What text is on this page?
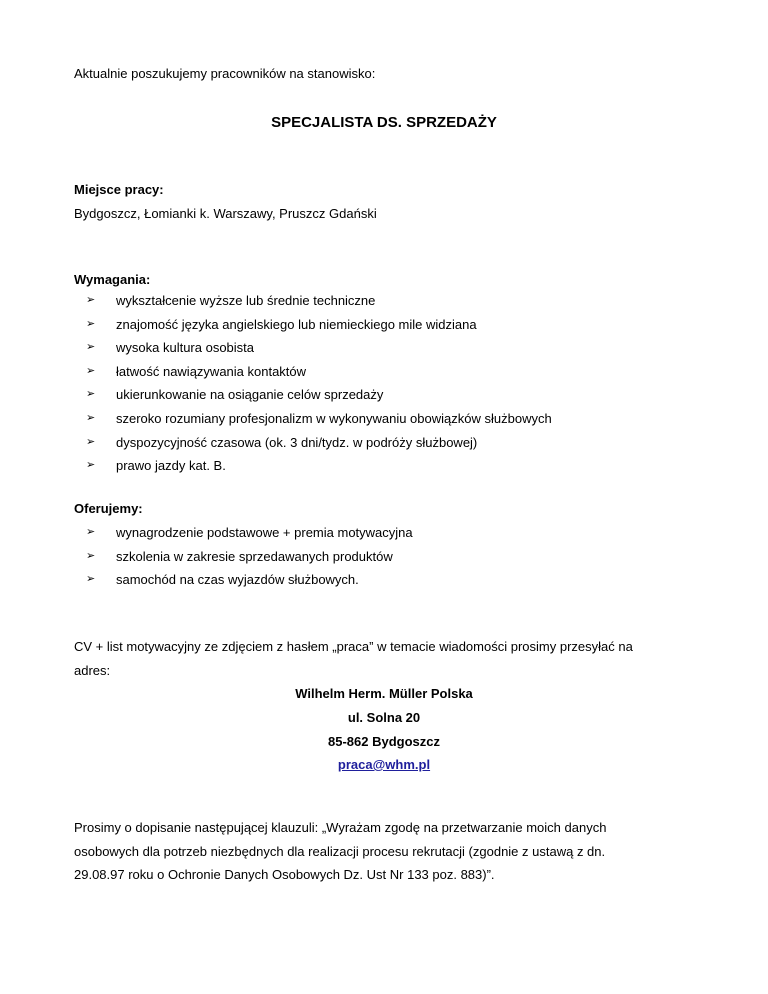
Aktualnie poszukujemy pracowników na stanowisko:
SPECJALISTA DS. SPRZEDAŻY
Miejsce pracy:
Bydgoszcz, Łomianki k. Warszawy, Pruszcz Gdański
Wymagania:
➢	wykształcenie wyższe lub średnie techniczne
➢	znajomość języka angielskiego lub niemieckiego mile widziana
➢	wysoka kultura osobista
➢	łatwość nawiązywania kontaktów
➢	ukierunkowanie na osiąganie celów sprzedaży
➢	szeroko rozumiany profesjonalizm w wykonywaniu obowiązków służbowych
➢	dyspozycyjność czasowa (ok. 3 dni/tydz. w podróży służbowej)
➢	prawo jazdy kat. B.
Oferujemy:
➢	wynagrodzenie podstawowe + premia motywacyjna
➢	szkolenia w zakresie sprzedawanych produktów
➢	samochód na czas wyjazdów służbowych.
CV + list motywacyjny ze zdjęciem z hasłem „praca” w temacie wiadomości prosimy przesyłać na
adres:
Wilhelm Herm. Müller Polska
ul. Solna 20
85-862 Bydgoszcz
praca@whm.pl
Prosimy o dopisanie następującej klauzuli: „Wyrażam zgodę na przetwarzanie moich danych
osobowych dla potrzeb niezbędnych dla realizacji procesu rekrutacji (zgodnie z ustawą z dn.
29.08.97 roku o Ochronie Danych Osobowych Dz. Ust Nr 133 poz. 883)”.
